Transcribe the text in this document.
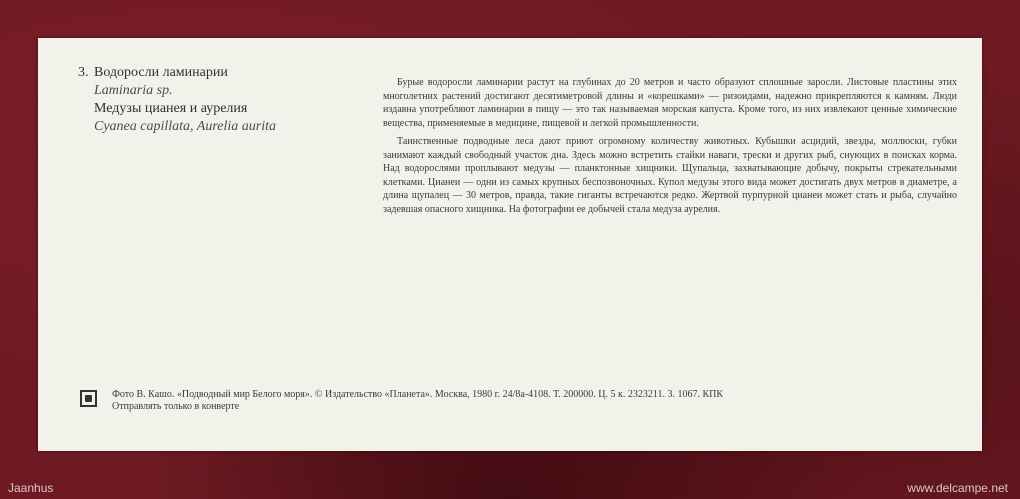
3. Водоросли ламинарии
Laminaria sp.
Медузы цианея и аурелия
Cyanea capillata, Aurelia aurita

Бурые водоросли ламинарии растут на глубинах до 20 метров и часто образуют сплошные заросли. Листовые пластины этих многолетних растений достигают десятиметровой длины и «корешками» — ризоидами, надежно прикрепляются к камням. Люди издавна употребляют ламинарии в пищу — это так называемая морская капуста. Кроме того, из них извлекают ценные химические вещества, применяемые в медицине, пищевой и легкой промышленности.

Таинственные подводные леса дают приют огромному количеству животных. Кубышки асцидий, звезды, моллюски, губки занимают каждый свободный участок дна. Здесь можно встретить стайки наваги, трески и других рыб, снующих в поисках корма. Над водорослями проплывают медузы — планктонные хищники. Щупальца, захватывающие добычу, покрыты стрекательными клетками. Цианеи — одни из самых крупных беспозвоночных. Купол медузы этого вида может достигать двух метров в диаметре, а длина щупалец — 30 метров, правда, такие гиганты встречаются редко. Жертвой пурпурной цианеи может стать и рыба, случайно задевшая опасного хищника. На фотографии ее добычей стала медуза аурелия.

Фото В. Кашо. «Подводный мир Белого моря». © Издательство «Планета». Москва, 1980 г. 24/8а-4108. Т. 200000. Ц. 5 к. 2323211. 3. 1067. КПК
Отправлять только в конверте
Jaanhus	www.delcampe.net
